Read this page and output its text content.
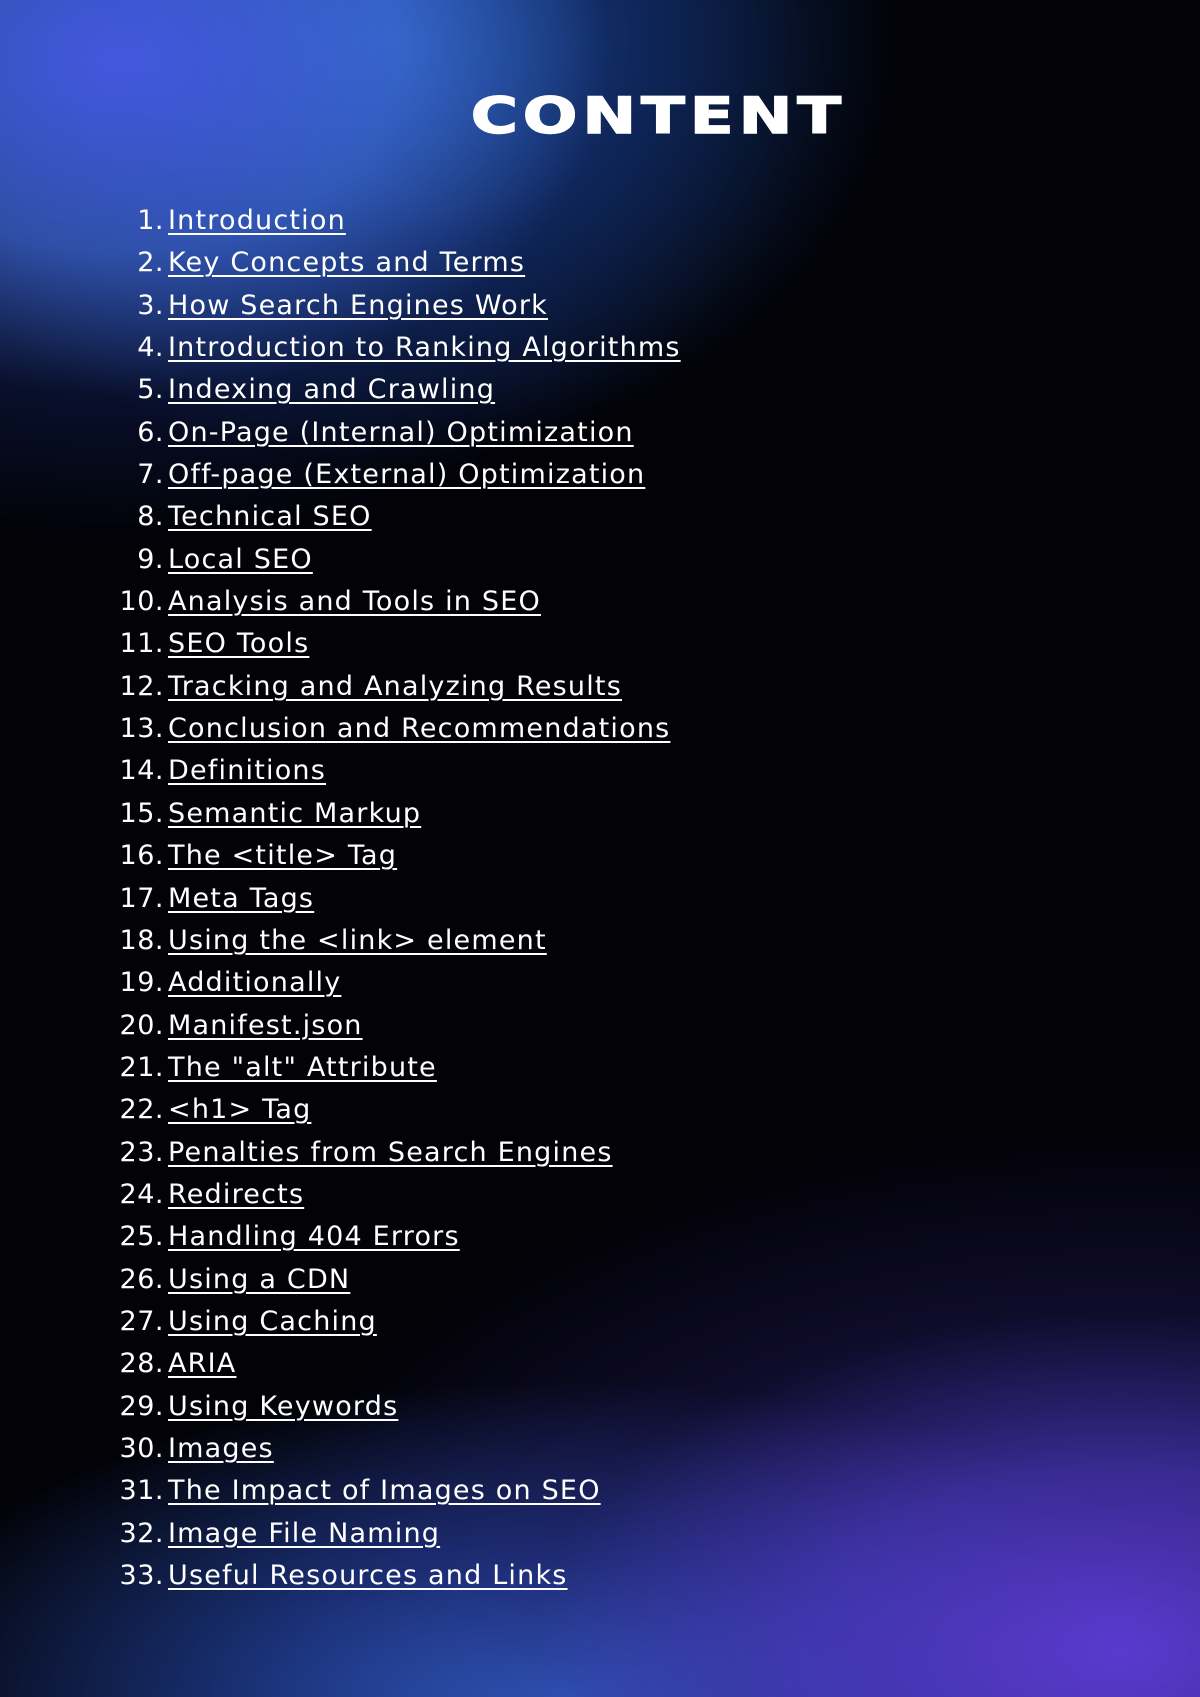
CONTENT
1. Introduction
2. Key Concepts and Terms
3. How Search Engines Work
4. Introduction to Ranking Algorithms
5. Indexing and Crawling
6. On-Page (Internal) Optimization
7. Off-page (External) Optimization
8. Technical SEO
9. Local SEO
10. Analysis and Tools in SEO
11. SEO Tools
12. Tracking and Analyzing Results
13. Conclusion and Recommendations
14. Definitions
15. Semantic Markup
16. The <title> Tag
17. Meta Tags
18. Using the <link> element
19. Additionally
20. Manifest.json
21. The "alt" Attribute
22. <h1> Tag
23. Penalties from Search Engines
24. Redirects
25. Handling 404 Errors
26. Using a CDN
27. Using Caching
28. ARIA
29. Using Keywords
30. Images
31. The Impact of Images on SEO
32. Image File Naming
33. Useful Resources and Links
